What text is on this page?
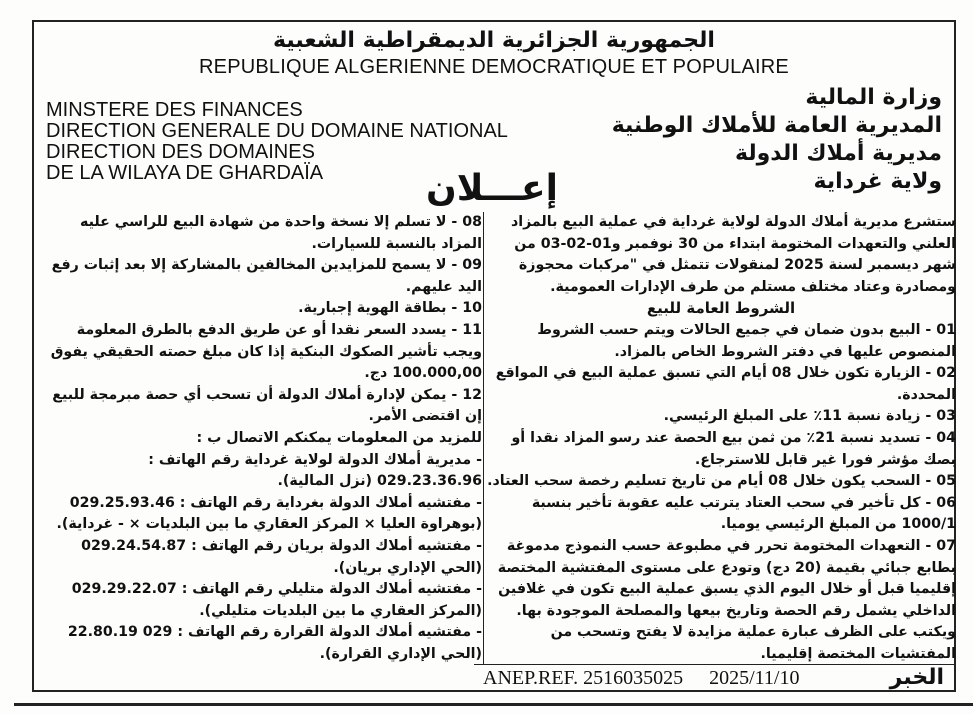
الجمهورية الجزائرية الديمقراطية الشعبية
REPUBLIQUE ALGERIENNE DEMOCRATIQUE ET POPULAIRE
MINSTERE DES FINANCES
DIRECTION GENERALE DU DOMAINE NATIONAL
DIRECTION DES DOMAINES
DE LA WILAYA DE GHARDAÏA
وزارة المالية
المديرية العامة للأملاك الوطنية
مديرية أملاك الدولة
ولاية غرداية
إعـــلان

ستشرع مديرية أملاك الدولة لولاية غرداية في عملية البيع بالمزاد العلني والتعهدات المختومة ابتداء من 30 نوفمبر و01-02-03 من شهر ديسمبر لسنة 2025 لمنقولات تتمثل في "مركبات محجوزة ومصادرة وعتاد مختلف مستلم من طرف الإدارات العمومية.

الشروط العامة للبيع

01 - البيع بدون ضمان في جميع الحالات ويتم حسب الشروط المنصوص عليها في دفتر الشروط الخاص بالمزاد.

02 - الزيارة تكون خلال 08 أيام التي تسبق عملية البيع في المواقع المحددة.

03 - زيادة نسبة 11٪ على المبلغ الرئيسي.

04 - تسديد نسبة 21٪ من ثمن بيع الحصة عند رسو المزاد نقدا أو بصك مؤشر فورا غير قابل للاسترجاع.

05 - السحب يكون خلال 08 أيام من تاريخ تسليم رخصة سحب العتاد.

06 - كل تأخير في سحب العتاد يترتب عليه عقوبة تأخير بنسبة 1000/1 من المبلغ الرئيسي يوميا.

07 - التعهدات المختومة تحرر في مطبوعة حسب النموذج مدموغة بطابع جبائي بقيمة (20 دج) وتودع على مستوى المفتشية المختصة إقليميا قبل أو خلال اليوم الذي يسبق عملية البيع تكون في غلافين الداخلي يشمل رقم الحصة وتاريخ بيعها والمصلحة الموجودة بها. ويكتب على الظرف عبارة عملية مزايدة لا يفتح وتسحب من المفتشيات المختصة إقليميا.

08 - لا تسلم إلا نسخة واحدة من شهادة البيع للراسي عليه المزاد بالنسبة للسيارات.

09 - لا يسمح للمزايدين المخالفين بالمشاركة إلا بعد إثبات رفع اليد عليهم.

10 - بطاقة الهوية إجبارية.

11 - يسدد السعر نقدا أو عن طريق الدفع بالطرق المعلومة ويجب تأشير الصكوك البنكية إذا كان مبلغ حصته الحقيقي يفوق 100.000,00 دج.

12 - يمكن لإدارة أملاك الدولة أن تسحب أي حصة مبرمجة للبيع إن اقتضى الأمر.

للمزيد من المعلومات يمكنكم الاتصال ب :

- مديرية أملاك الدولة لولاية غرداية رقم الهاتف : 029.23.36.96 (نزل المالية).

- مفتشيه أملاك الدولة بغرداية رقم الهاتف : 029.25.93.46 (بوهراوة العليا × المركز العقاري ما بين البلديات × - غرداية).

- مفتشيه أملاك الدولة بريان رقم الهاتف : 029.24.54.87 (الحي الإداري بريان).

- مفتشيه أملاك الدولة متليلي رقم الهاتف : 029.29.22.07 (المركز العقاري ما بين البلديات متليلي).

- مفتشيه أملاك الدولة القرارة رقم الهاتف : 029 22.80.19 (الحي الإداري القرارة).

ANEP.REF. 2516035025 2025/11/10	الخبر
